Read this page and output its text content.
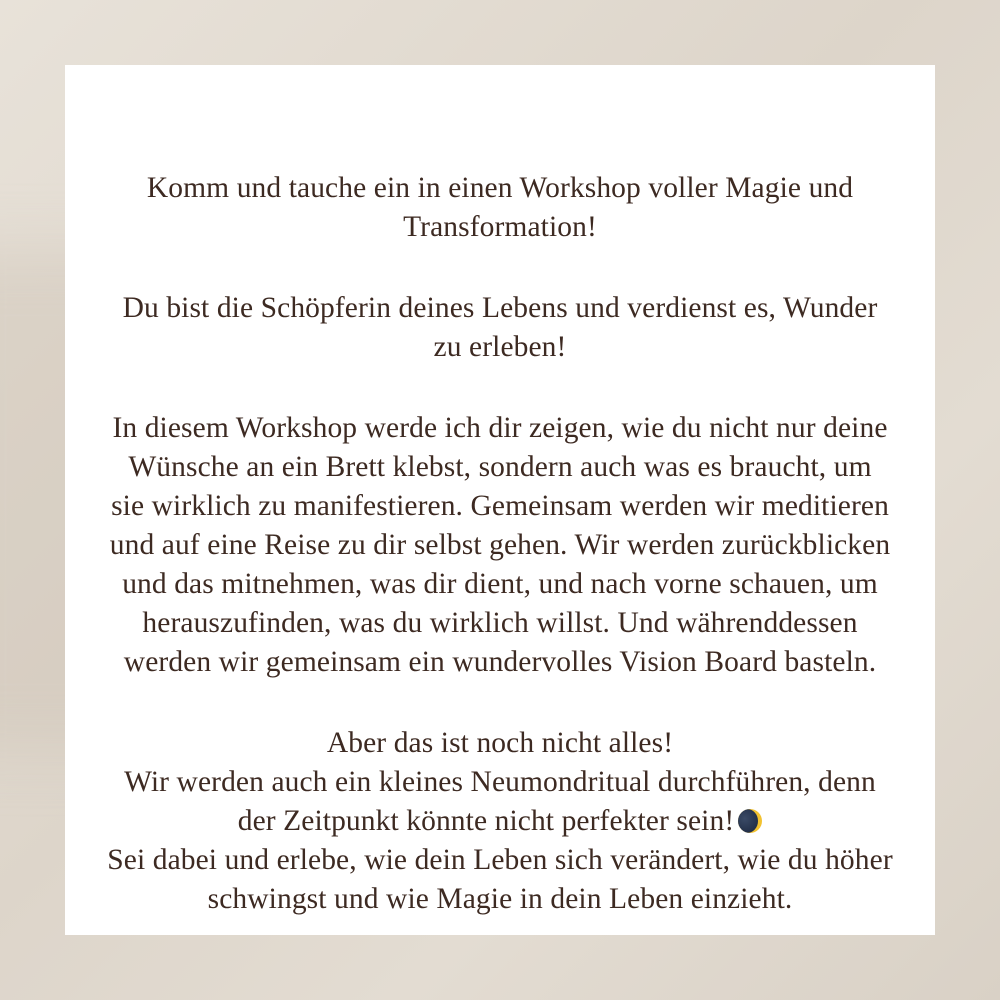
Komm und tauche ein in einen Workshop voller Magie und
Transformation!
Du bist die Schöpferin deines Lebens und verdienst es, Wunder
zu erleben!
In diesem Workshop werde ich dir zeigen, wie du nicht nur deine
Wünsche an ein Brett klebst, sondern auch was es braucht, um
sie wirklich zu manifestieren. Gemeinsam werden wir meditieren
und auf eine Reise zu dir selbst gehen. Wir werden zurückblicken
und das mitnehmen, was dir dient, und nach vorne schauen, um
herauszufinden, was du wirklich willst. Und währenddessen
werden wir gemeinsam ein wundervolles Vision Board basteln.
Aber das ist noch nicht alles!
Wir werden auch ein kleines Neumondritual durchführen, denn
der Zeitpunkt könnte nicht perfekter sein!
Sei dabei und erlebe, wie dein Leben sich verändert, wie du höher
schwingst und wie Magie in dein Leben einzieht.
